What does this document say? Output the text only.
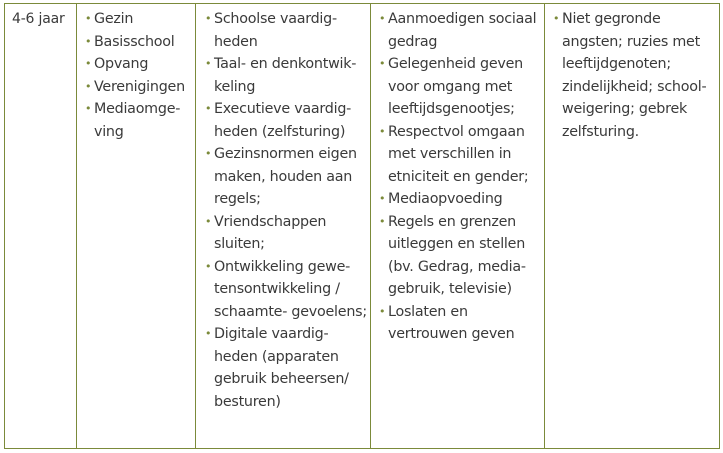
4-6 jaar
•	Gezin
• Basisschool
• Opvang
• Verenigingen
• Mediaomge-
ving
• Schoolse vaardig-
heden
• Taal- en denkontwik-
keling
• Executieve vaardig-
heden (zelfsturing)
• Gezinsnormen eigen
maken, houden aan
regels;
• Vriendschappen
sluiten;
• Ontwikkeling gewe-
tensontwikkeling /
schaamte- gevoelens;
• Digitale vaardig-
heden (apparaten
gebruik beheersen/
besturen)
• Aanmoedigen sociaal
gedrag
• Gelegenheid geven
voor omgang met
leeftijdsgenootjes;
• Respectvol omgaan
met verschillen in
etniciteit en gender;
• Mediaopvoeding
• Regels en grenzen
uitleggen en stellen
(bv. Gedrag, media-
gebruik, televisie)
• Loslaten en
vertrouwen geven
• Niet gegronde
angsten; ruzies met
leeftijdgenoten;
zindelijkheid; school-
weigering; gebrek
zelfsturing.
